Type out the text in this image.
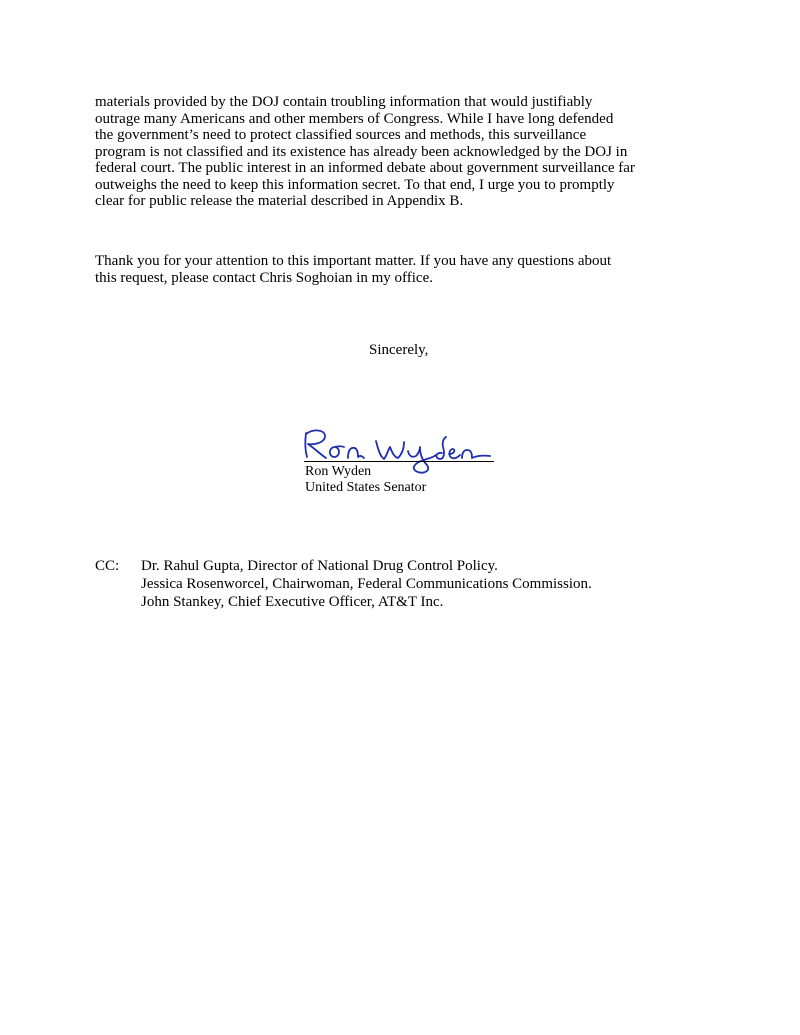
materials provided by the DOJ contain troubling information that would justifiably
outrage many Americans and other members of Congress. While I have long defended
the government’s need to protect classified sources and methods, this surveillance
program is not classified and its existence has already been acknowledged by the DOJ in
federal court. The public interest in an informed debate about government surveillance far
outweighs the need to keep this information secret. To that end, I urge you to promptly
clear for public release the material described in Appendix B.
Thank you for your attention to this important matter. If you have any questions about
this request, please contact Chris Soghoian in my office.
Sincerely,
Ron Wyden
United States Senator
CC: Dr. Rahul Gupta, Director of National Drug Control Policy.
Jessica Rosenworcel, Chairwoman, Federal Communications Commission.
John Stankey, Chief Executive Officer, AT&T Inc.
